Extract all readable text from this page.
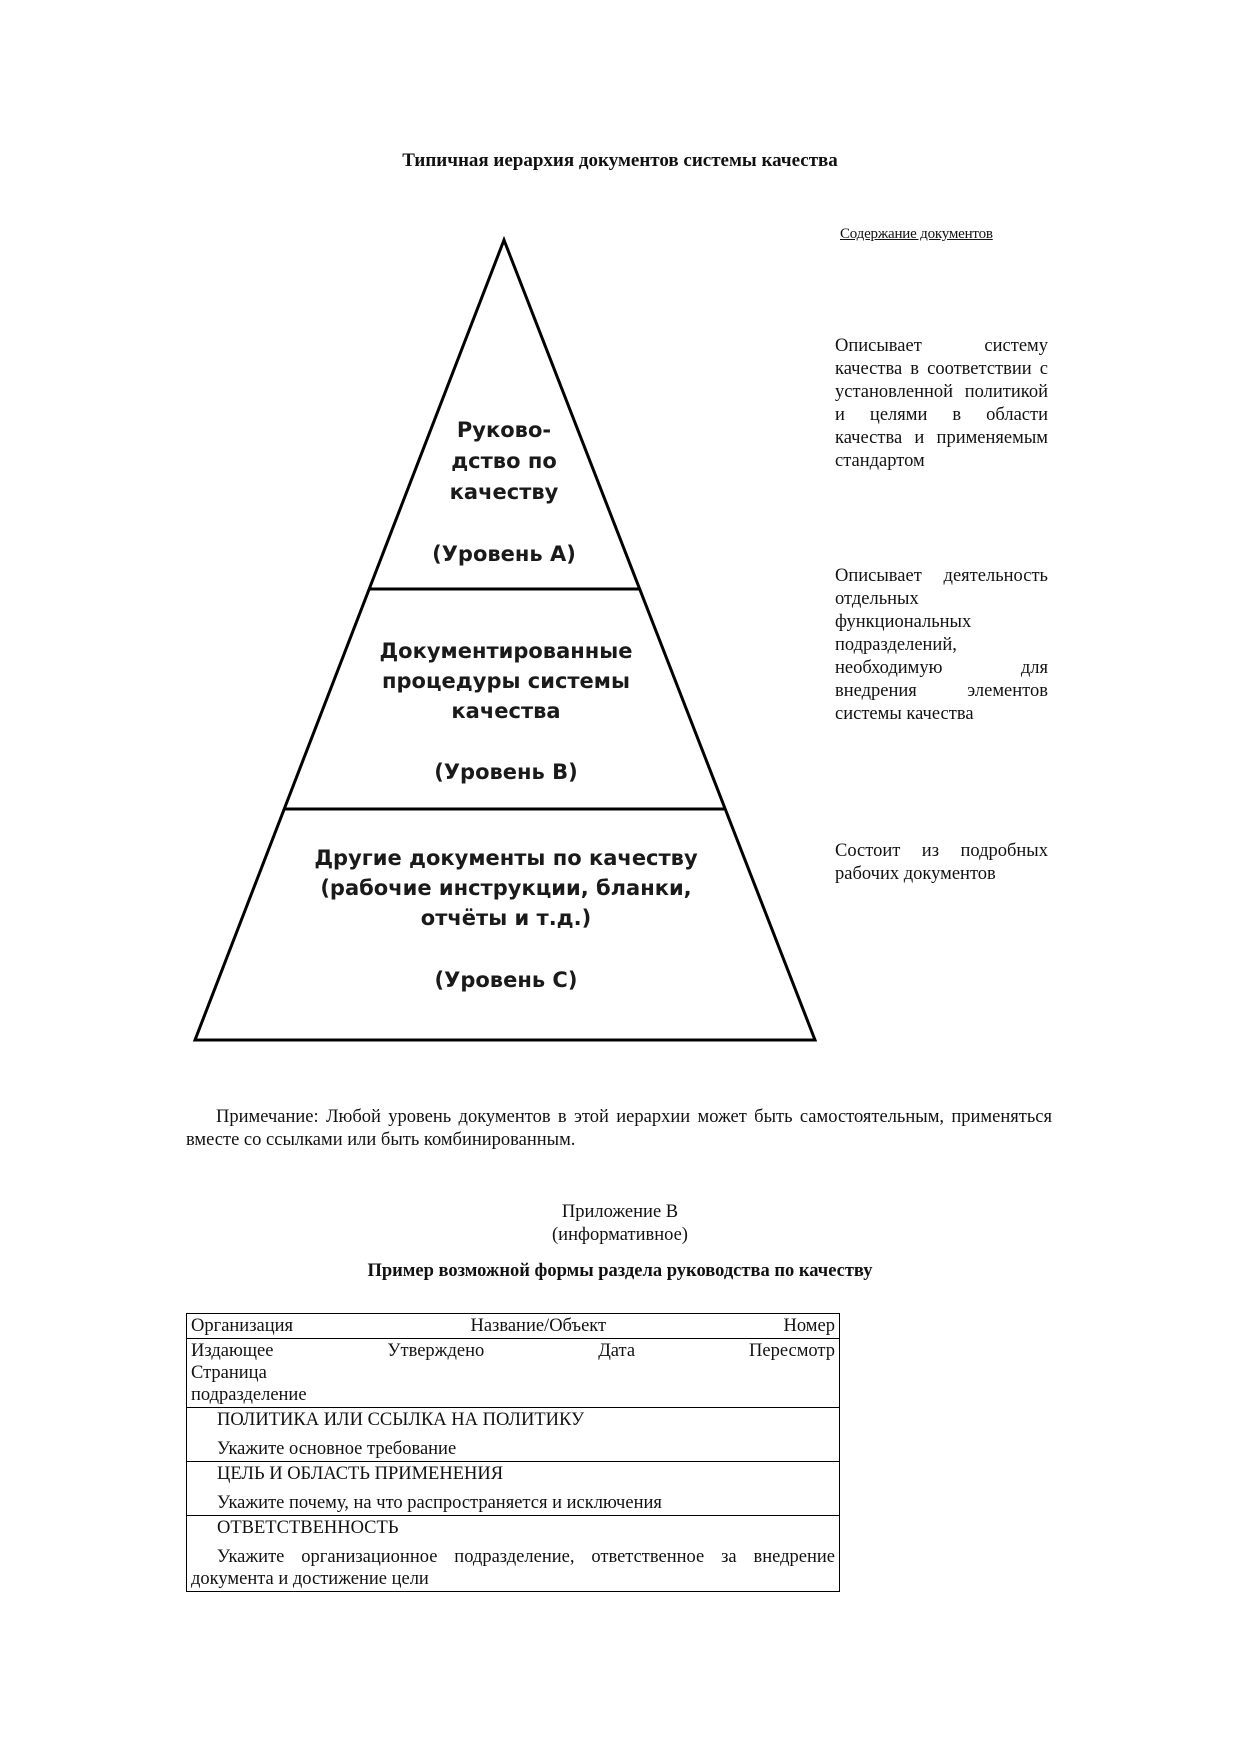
Типичная иерархия документов системы качества
Содержание документов
Руково-
дство по
качеству
(Уровень A)
Документированные
процедуры системы
качества
(Уровень B)
Другие документы по качеству
(рабочие инструкции, бланки,
отчёты и т.д.)
(Уровень C)
Описывает систему качества в соответствии с установленной политикой и целями в области качества и применяемым стандартом
Описывает деятельность отдельных функциональных подразделений, необходимую для внедрения элементов системы качества
Состоит из подробных рабочих документов
Примечание: Любой уровень документов в этой иерархии может быть самостоятельным, применяться вместе со ссылками или быть комбинированным.
Приложение В
(информативное)
Пример возможной формы раздела руководства по качеству
Организация	Название/Объект	Номер

Издающее	Утверждено	Дата	Пересмотр
Страница
подразделение

ПОЛИТИКА ИЛИ ССЫЛКА НА ПОЛИТИКУ
Укажите основное требование

ЦЕЛЬ И ОБЛАСТЬ ПРИМЕНЕНИЯ
Укажите почему, на что распространяется и исключения

ОТВЕТСТВЕННОСТЬ
Укажите организационное подразделение, ответственное за внедрение документа и достижение цели
